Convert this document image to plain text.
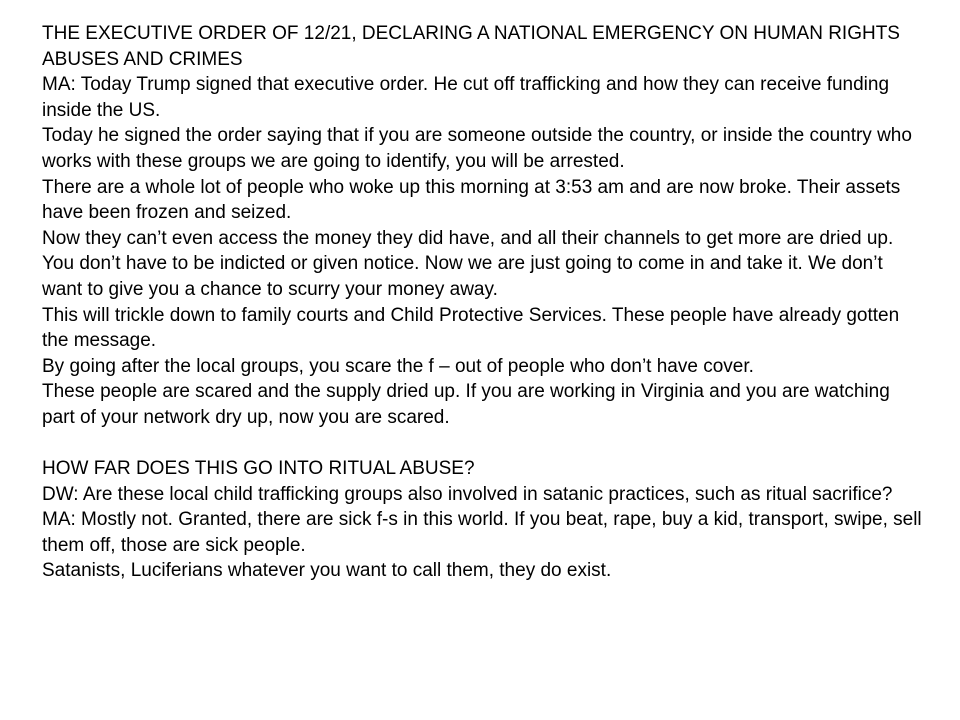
THE EXECUTIVE ORDER OF 12/21, DECLARING A NATIONAL EMERGENCY ON HUMAN RIGHTS ABUSES AND CRIMES

MA: Today Trump signed that executive order. He cut off trafficking and how they can receive funding inside the US.

Today he signed the order saying that if you are someone outside the country, or inside the country who works with these groups we are going to identify, you will be arrested.

There are a whole lot of people who woke up this morning at 3:53 am and are now broke. Their assets have been frozen and seized.

Now they can’t even access the money they did have, and all their channels to get more are dried up.

You don’t have to be indicted or given notice. Now we are just going to come in and take it. We don’t want to give you a chance to scurry your money away.

This will trickle down to family courts and Child Protective Services. These people have already gotten the message.

By going after the local groups, you scare the f – out of people who don’t have cover.

These people are scared and the supply dried up. If you are working in Virginia and you are watching part of your network dry up, now you are scared.

HOW FAR DOES THIS GO INTO RITUAL ABUSE?

DW: Are these local child trafficking groups also involved in satanic practices, such as ritual sacrifice?

MA: Mostly not. Granted, there are sick f-s in this world. If you beat, rape, buy a kid, transport, swipe, sell them off, those are sick people.

Satanists, Luciferians whatever you want to call them, they do exist.
